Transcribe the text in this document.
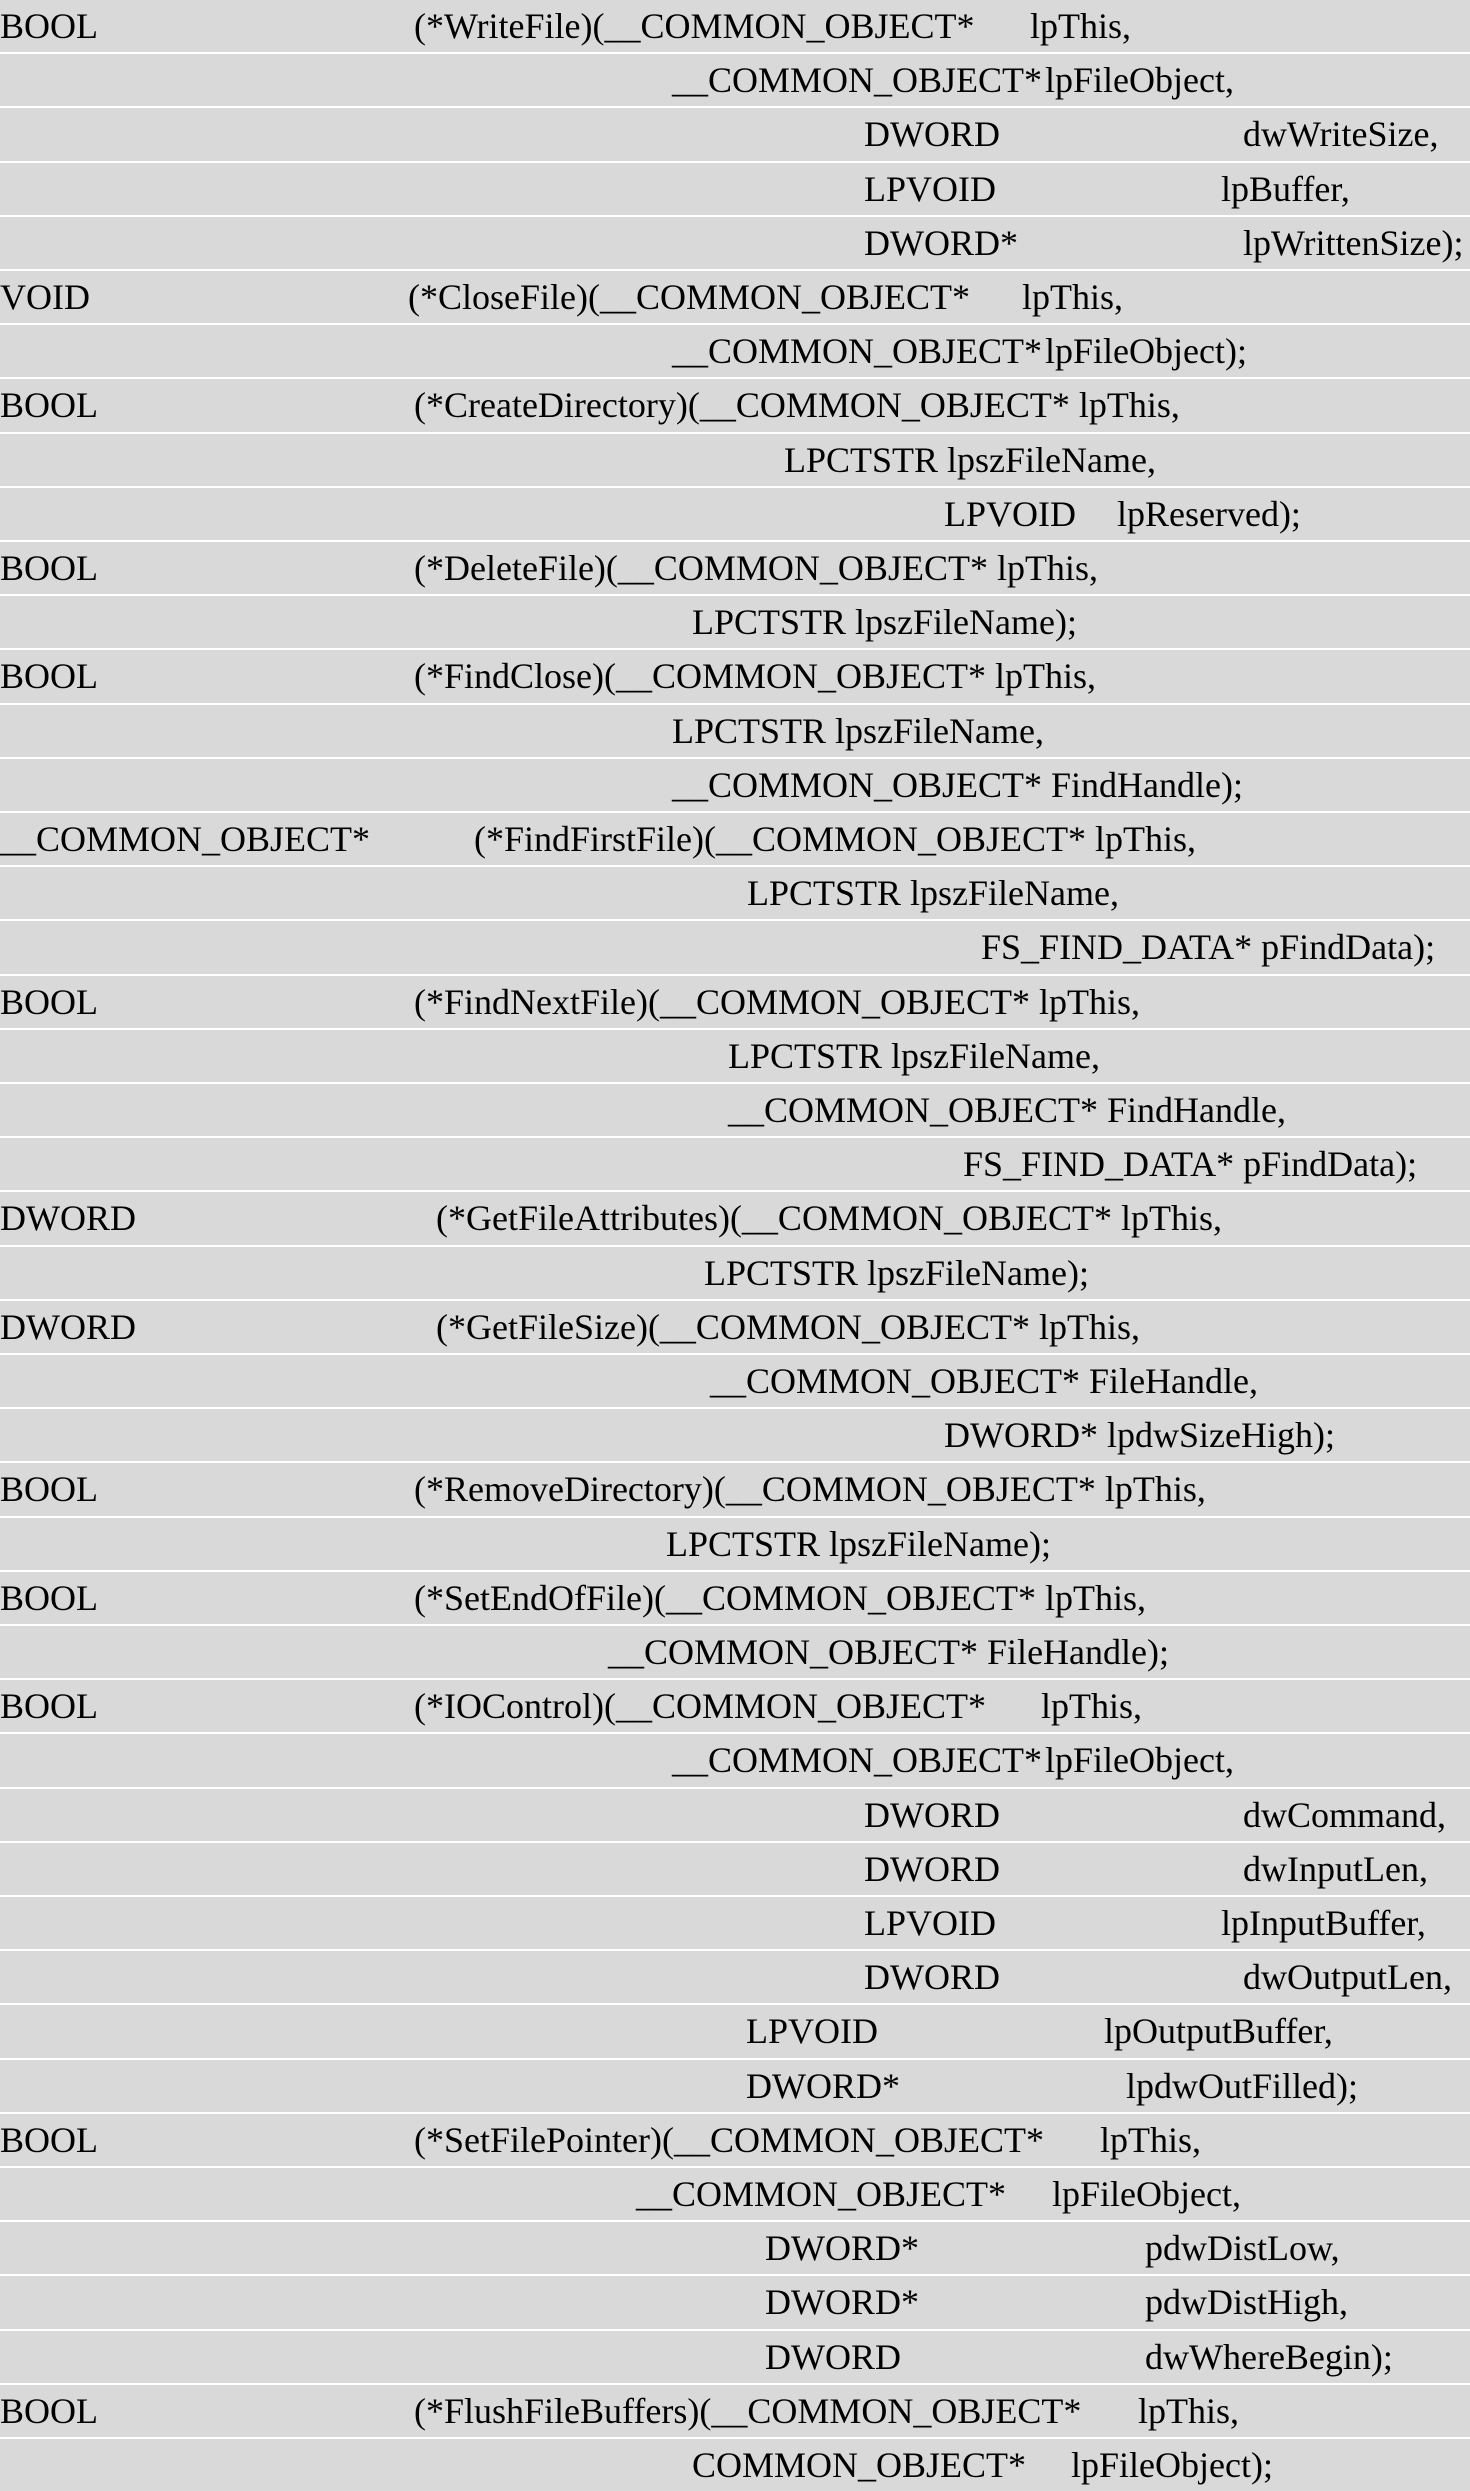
BOOL	(*WriteFile)(__COMMON_OBJECT* lpThis,
__COMMON_OBJECT* lpFileObject,
DWORD	dwWriteSize,
LPVOID	lpBuffer,
DWORD*	lpWrittenSize);
VOID	(*CloseFile)(__COMMON_OBJECT* lpThis,
__COMMON_OBJECT* lpFileObject);
BOOL	(*CreateDirectory)(__COMMON_OBJECT* lpThis,
LPCTSTR lpszFileName,
LPVOID lpReserved);
BOOL	(*DeleteFile)(__COMMON_OBJECT* lpThis,
LPCTSTR lpszFileName);
BOOL	(*FindClose)(__COMMON_OBJECT* lpThis,
LPCTSTR lpszFileName,
__COMMON_OBJECT* FindHandle);
__COMMON_OBJECT*	(*FindFirstFile)(__COMMON_OBJECT* lpThis,
LPCTSTR lpszFileName,
FS_FIND_DATA* pFindData);
BOOL	(*FindNextFile)(__COMMON_OBJECT* lpThis,
LPCTSTR lpszFileName,
__COMMON_OBJECT* FindHandle,
FS_FIND_DATA* pFindData);
DWORD	(*GetFileAttributes)(__COMMON_OBJECT* lpThis,
LPCTSTR lpszFileName);
DWORD	(*GetFileSize)(__COMMON_OBJECT* lpThis,
__COMMON_OBJECT* FileHandle,
DWORD* lpdwSizeHigh);
BOOL	(*RemoveDirectory)(__COMMON_OBJECT* lpThis,
LPCTSTR lpszFileName);
BOOL	(*SetEndOfFile)(__COMMON_OBJECT* lpThis,
__COMMON_OBJECT* FileHandle);
BOOL	(*IOControl)(__COMMON_OBJECT* lpThis,
__COMMON_OBJECT* lpFileObject,
DWORD	dwCommand,
DWORD	dwInputLen,
LPVOID	lpInputBuffer,
DWORD	dwOutputLen,
LPVOID	lpOutputBuffer,
DWORD*	lpdwOutFilled);
BOOL	(*SetFilePointer)(__COMMON_OBJECT* lpThis,
__COMMON_OBJECT* lpFileObject,
DWORD*	pdwDistLow,
DWORD*	pdwDistHigh,
DWORD	dwWhereBegin);
BOOL	(*FlushFileBuffers)(__COMMON_OBJECT* lpThis,
COMMON_OBJECT* lpFileObject);
